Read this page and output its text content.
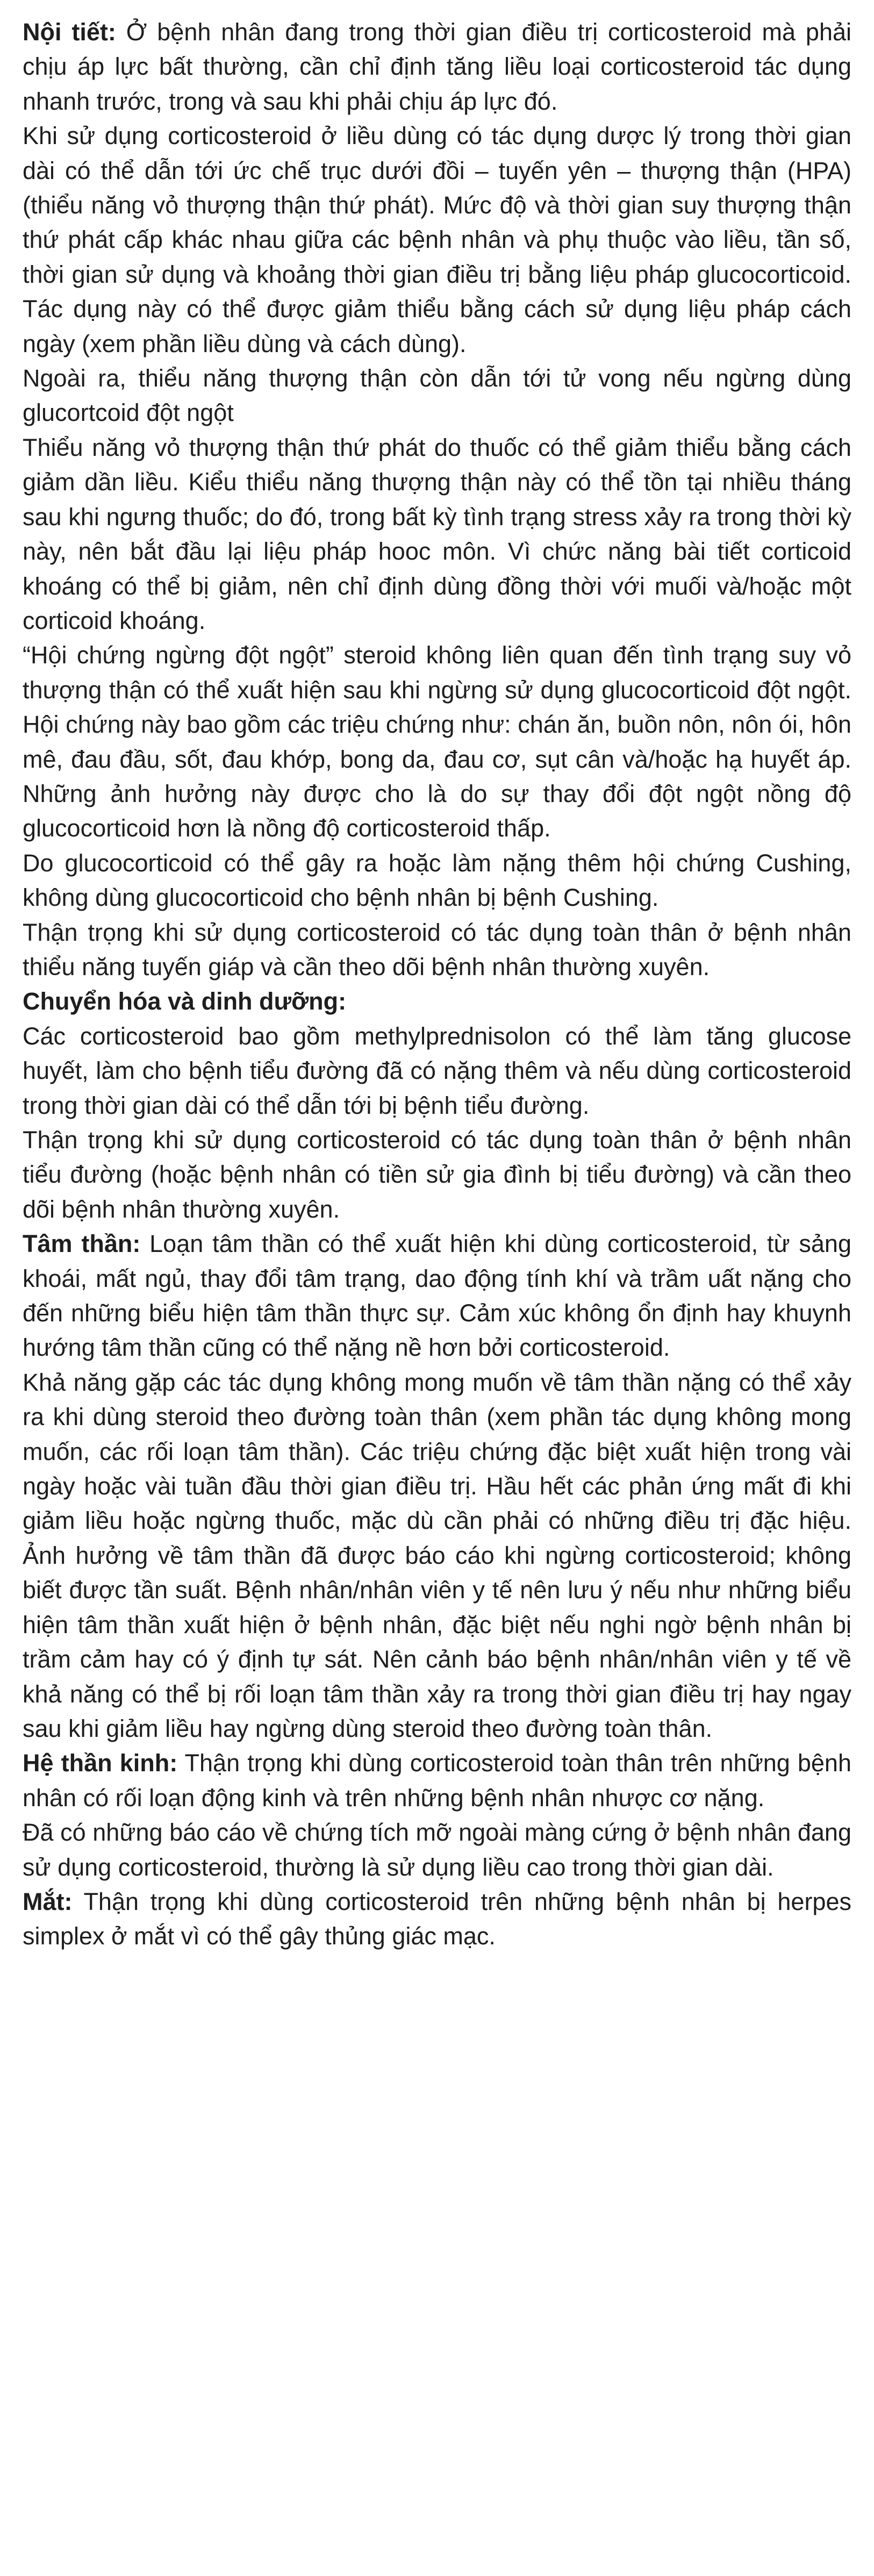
Nội tiết: Ở bệnh nhân đang trong thời gian điều trị corticosteroid mà phải chịu áp lực bất thường, cần chỉ định tăng liều loại corticosteroid tác dụng nhanh trước, trong và sau khi phải chịu áp lực đó.

Khi sử dụng corticosteroid ở liều dùng có tác dụng dược lý trong thời gian dài có thể dẫn tới ức chế trục dưới đồi – tuyến yên – thượng thận (HPA) (thiểu năng vỏ thượng thận thứ phát). Mức độ và thời gian suy thượng thận thứ phát cấp khác nhau giữa các bệnh nhân và phụ thuộc vào liều, tần số, thời gian sử dụng và khoảng thời gian điều trị bằng liệu pháp glucocorticoid. Tác dụng này có thể được giảm thiểu bằng cách sử dụng liệu pháp cách ngày (xem phần liều dùng và cách dùng).

Ngoài ra, thiểu năng thượng thận còn dẫn tới tử vong nếu ngừng dùng glucortcoid đột ngột

Thiểu năng vỏ thượng thận thứ phát do thuốc có thể giảm thiểu bằng cách giảm dần liều. Kiểu thiểu năng thượng thận này có thể tồn tại nhiều tháng sau khi ngưng thuốc; do đó, trong bất kỳ tình trạng stress xảy ra trong thời kỳ này, nên bắt đầu lại liệu pháp hooc môn. Vì chức năng bài tiết corticoid khoáng có thể bị giảm, nên chỉ định dùng đồng thời với muối và/hoặc một corticoid khoáng.

“Hội chứng ngừng đột ngột” steroid không liên quan đến tình trạng suy vỏ thượng thận có thể xuất hiện sau khi ngừng sử dụng glucocorticoid đột ngột. Hội chứng này bao gồm các triệu chứng như: chán ăn, buồn nôn, nôn ói, hôn mê, đau đầu, sốt, đau khớp, bong da, đau cơ, sụt cân và/hoặc hạ huyết áp. Những ảnh hưởng này được cho là do sự thay đổi đột ngột nồng độ glucocorticoid hơn là nồng độ corticosteroid thấp.

Do glucocorticoid có thể gây ra hoặc làm nặng thêm hội chứng Cushing, không dùng glucocorticoid cho bệnh nhân bị bệnh Cushing.

Thận trọng khi sử dụng corticosteroid có tác dụng toàn thân ở bệnh nhân thiểu năng tuyến giáp và cần theo dõi bệnh nhân thường xuyên.

Chuyển hóa và dinh dưỡng:

Các corticosteroid bao gồm methylprednisolon có thể làm tăng glucose huyết, làm cho bệnh tiểu đường đã có nặng thêm và nếu dùng corticosteroid trong thời gian dài có thể dẫn tới bị bệnh tiểu đường.

Thận trọng khi sử dụng corticosteroid có tác dụng toàn thân ở bệnh nhân tiểu đường (hoặc bệnh nhân có tiền sử gia đình bị tiểu đường) và cần theo dõi bệnh nhân thường xuyên.

Tâm thần: Loạn tâm thần có thể xuất hiện khi dùng corticosteroid, từ sảng khoái, mất ngủ, thay đổi tâm trạng, dao động tính khí và trầm uất nặng cho đến những biểu hiện tâm thần thực sự. Cảm xúc không ổn định hay khuynh hướng tâm thần cũng có thể nặng nề hơn bởi corticosteroid.

Khả năng gặp các tác dụng không mong muốn về tâm thần nặng có thể xảy ra khi dùng steroid theo đường toàn thân (xem phần tác dụng không mong muốn, các rối loạn tâm thần). Các triệu chứng đặc biệt xuất hiện trong vài ngày hoặc vài tuần đầu thời gian điều trị. Hầu hết các phản ứng mất đi khi giảm liều hoặc ngừng thuốc, mặc dù cần phải có những điều trị đặc hiệu. Ảnh hưởng về tâm thần đã được báo cáo khi ngừng corticosteroid; không biết được tần suất. Bệnh nhân/nhân viên y tế nên lưu ý nếu như những biểu hiện tâm thần xuất hiện ở bệnh nhân, đặc biệt nếu nghi ngờ bệnh nhân bị trầm cảm hay có ý định tự sát. Nên cảnh báo bệnh nhân/nhân viên y tế về khả năng có thể bị rối loạn tâm thần xảy ra trong thời gian điều trị hay ngay sau khi giảm liều hay ngừng dùng steroid theo đường toàn thân.

Hệ thần kinh: Thận trọng khi dùng corticosteroid toàn thân trên những bệnh nhân có rối loạn động kinh và trên những bệnh nhân nhược cơ nặng.

Đã có những báo cáo về chứng tích mỡ ngoài màng cứng ở bệnh nhân đang sử dụng corticosteroid, thường là sử dụng liều cao trong thời gian dài.

Mắt: Thận trọng khi dùng corticosteroid trên những bệnh nhân bị herpes simplex ở mắt vì có thể gây thủng giác mạc.
